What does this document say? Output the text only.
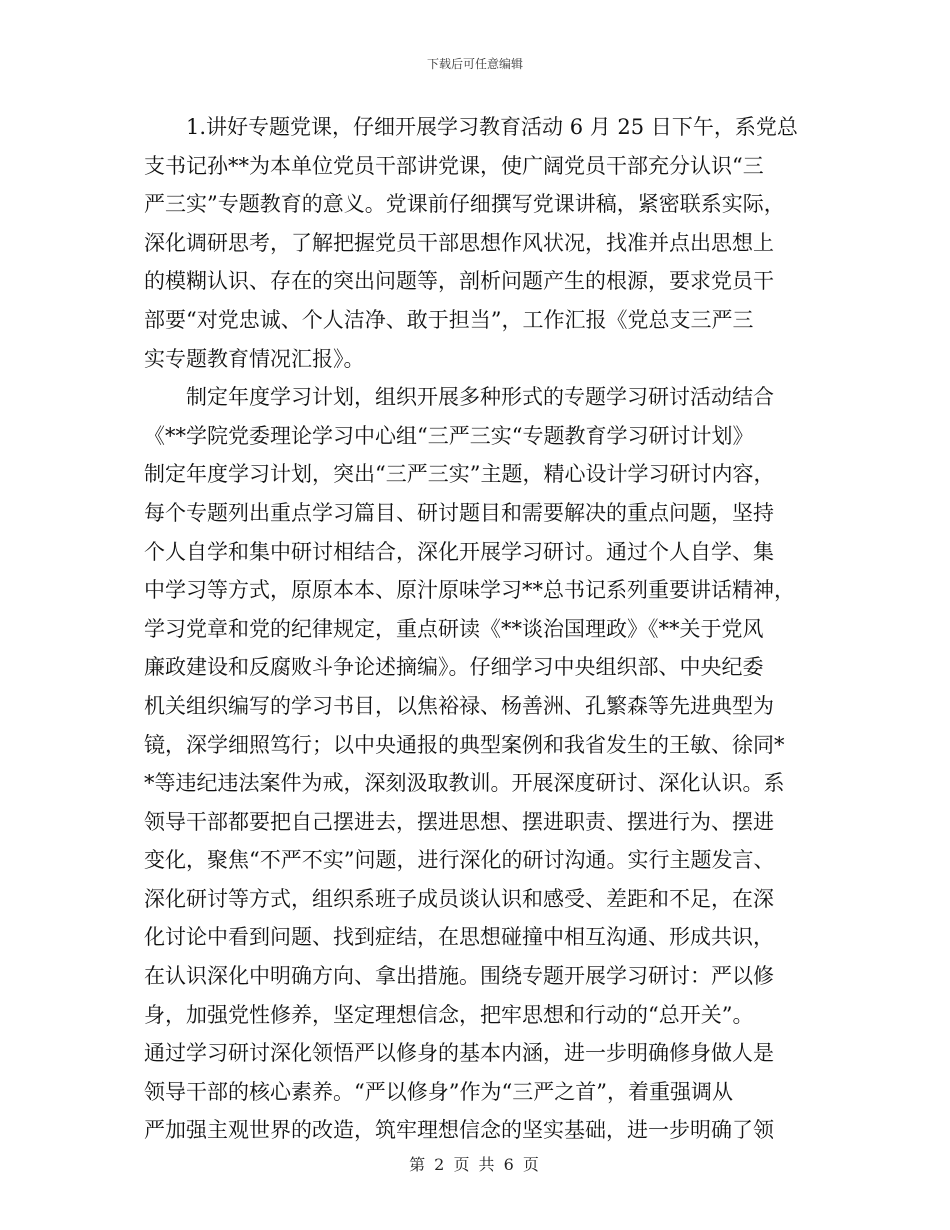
下载后可任意编辑
1.讲好专题党课，仔细开展学习教育活动 6 月 25 日下午，系党总
支书记孙**为本单位党员干部讲党课，使广阔党员干部充分认识“三
严三实”专题教育的意义。党课前仔细撰写党课讲稿，紧密联系实际，
深化调研思考，了解把握党员干部思想作风状况，找准并点出思想上
的模糊认识、存在的突出问题等，剖析问题产生的根源，要求党员干
部要“对党忠诚、个人洁净、敢于担当”，工作汇报《党总支三严三
实专题教育情况汇报》。
制定年度学习计划，组织开展多种形式的专题学习研讨活动结合
《**学院党委理论学习中心组“三严三实“专题教育学习研讨计划》
制定年度学习计划，突出“三严三实”主题，精心设计学习研讨内容，
每个专题列出重点学习篇目、研讨题目和需要解决的重点问题，坚持
个人自学和集中研讨相结合，深化开展学习研讨。通过个人自学、集
中学习等方式，原原本本、原汁原味学习**总书记系列重要讲话精神，
学习党章和党的纪律规定，重点研读《**谈治国理政》《**关于党风
廉政建设和反腐败斗争论述摘编》。仔细学习中央组织部、中央纪委
机关组织编写的学习书目，以焦裕禄、杨善洲、孔繁森等先进典型为
镜，深学细照笃行；以中央通报的典型案例和我省发生的王敏、徐同*
*等违纪违法案件为戒，深刻汲取教训。开展深度研讨、深化认识。系
领导干部都要把自己摆进去，摆进思想、摆进职责、摆进行为、摆进
变化，聚焦“不严不实”问题，进行深化的研讨沟通。实行主题发言、
深化研讨等方式，组织系班子成员谈认识和感受、差距和不足，在深
化讨论中看到问题、找到症结，在思想碰撞中相互沟通、形成共识，
在认识深化中明确方向、拿出措施。围绕专题开展学习研讨：严以修
身，加强党性修养，坚定理想信念，把牢思想和行动的“总开关”。
通过学习研讨深化领悟严以修身的基本内涵，进一步明确修身做人是
领导干部的核心素养。“严以修身”作为“三严之首”，着重强调从
严加强主观世界的改造，筑牢理想信念的坚实基础，进一步明确了领
第 2 页 共 6 页
